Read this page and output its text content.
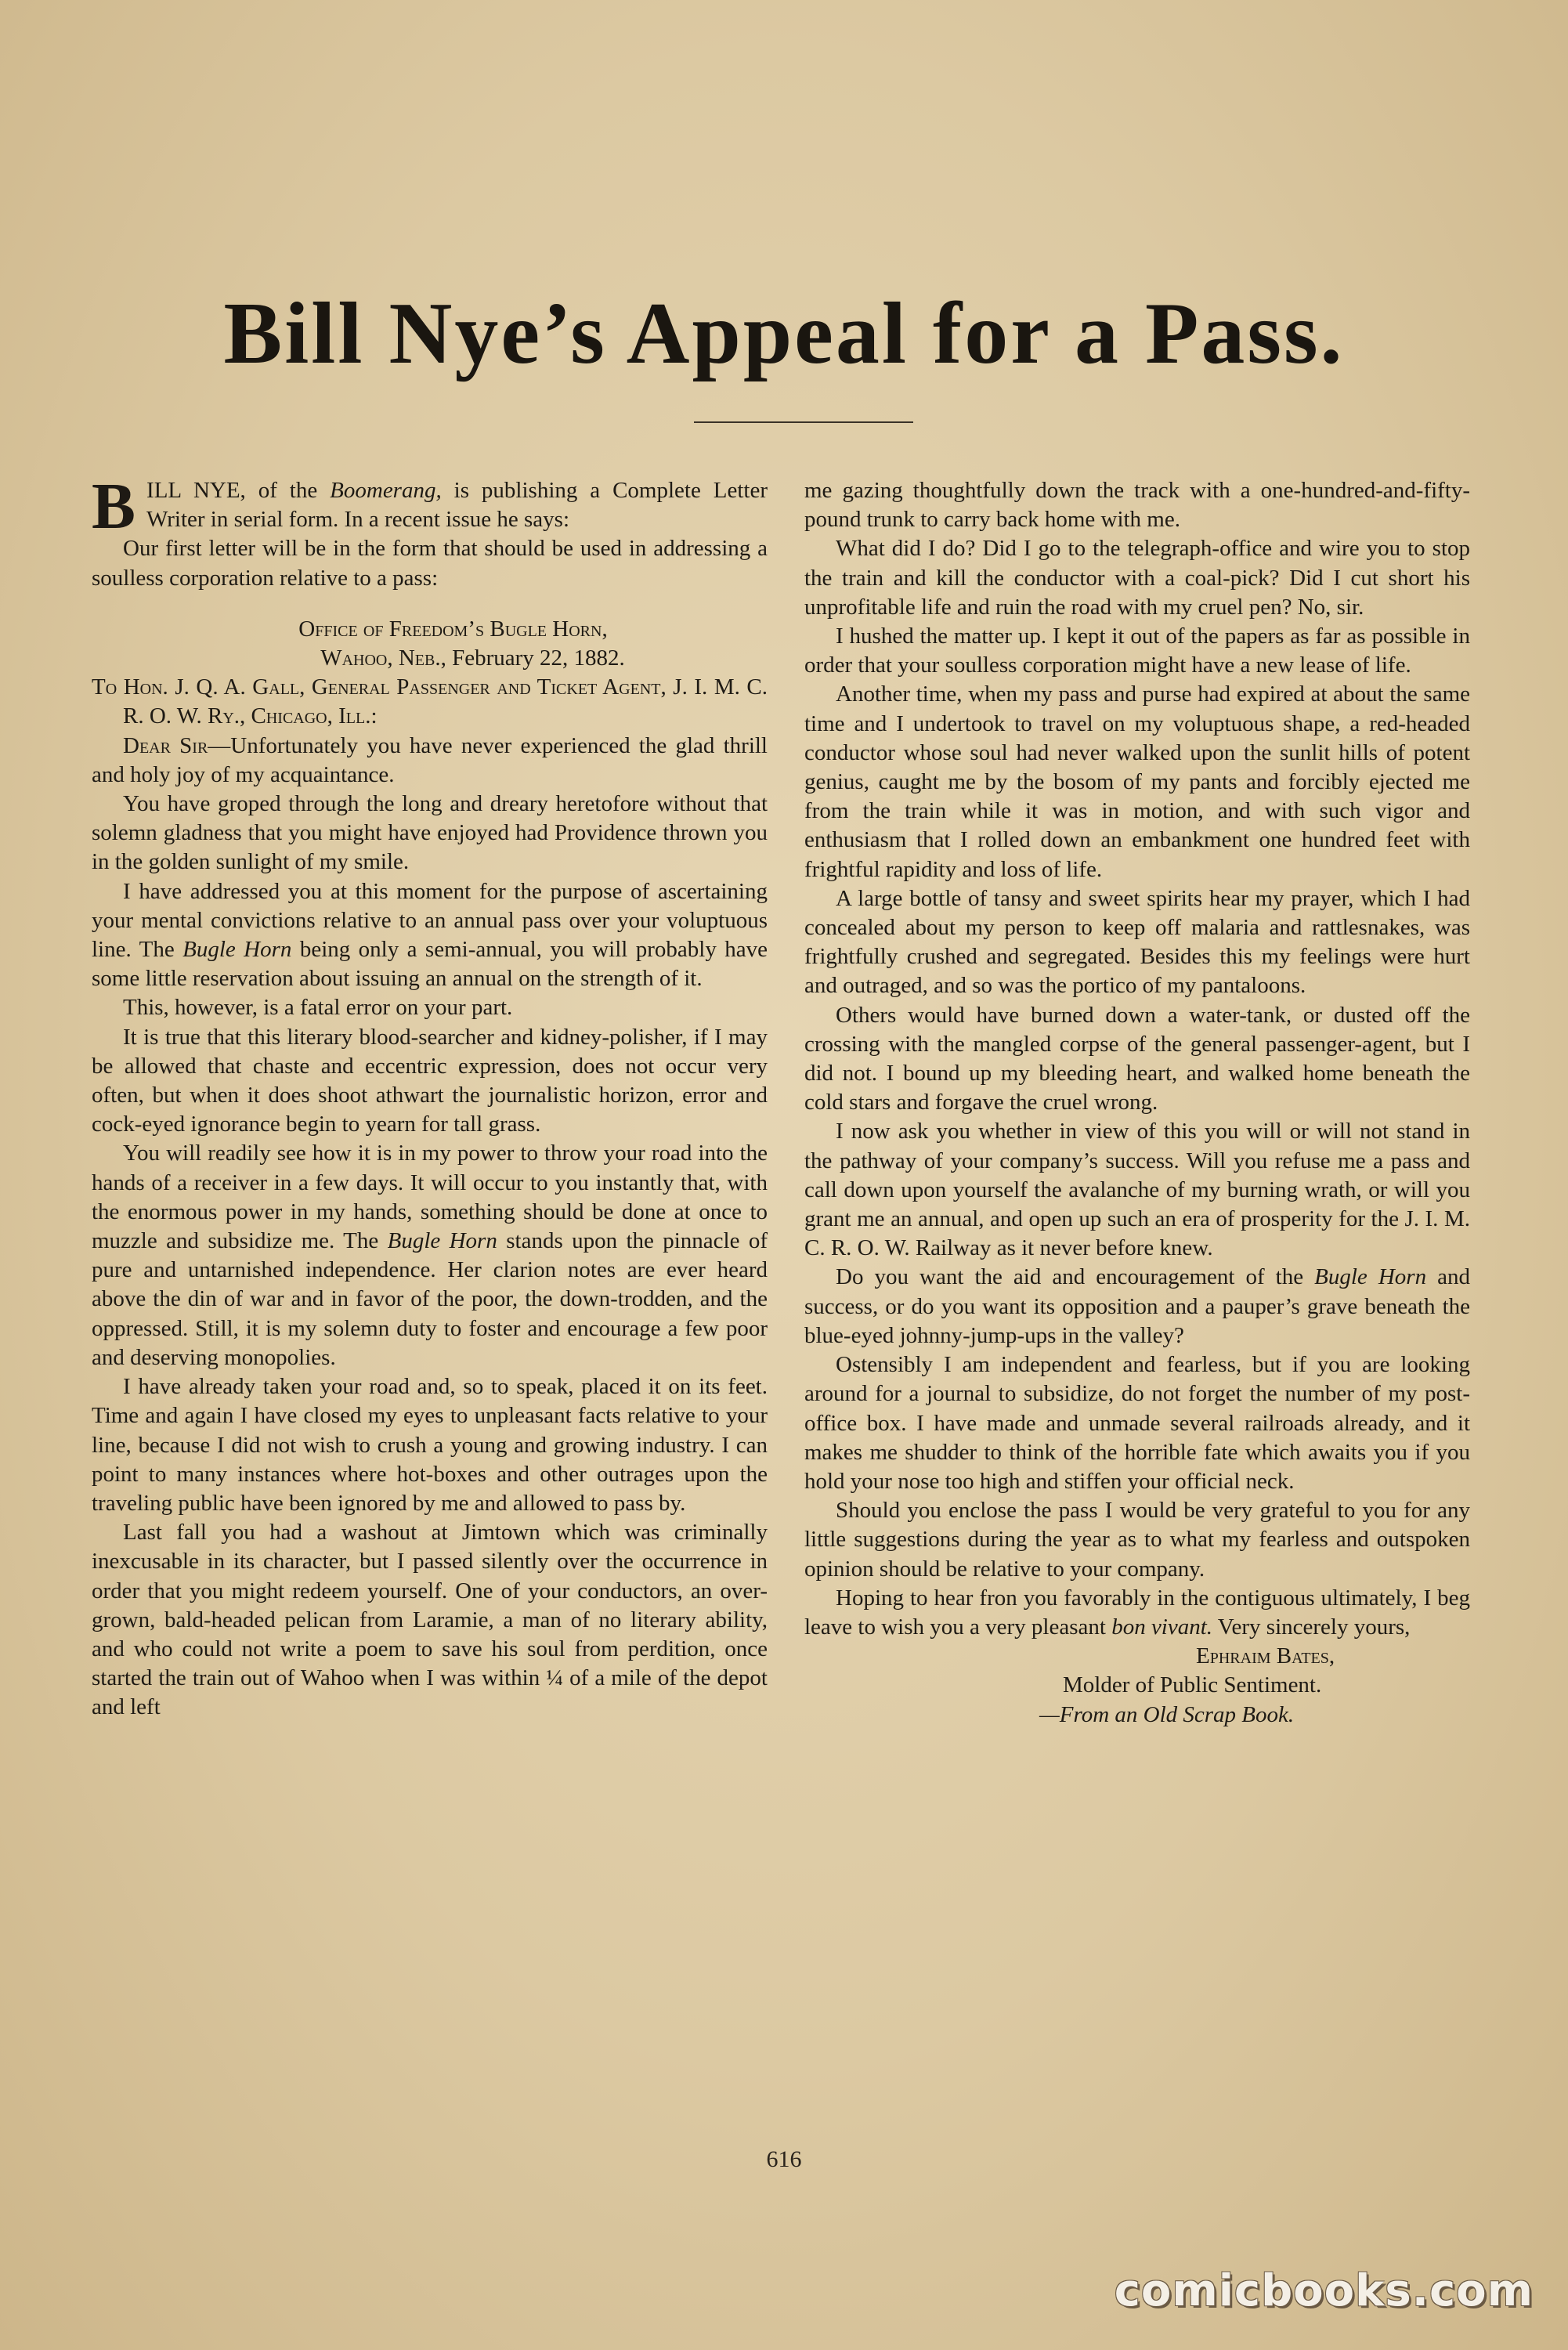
Bill Nye’s Appeal for a Pass.

BILL NYE, of the Boomerang, is publishing a Complete Letter Writer in serial form. In a recent issue he says:

Our first letter will be in the form that should be used in addressing a soulless corporation relative to a pass:

Office of Freedom’s Bugle Horn,

Wahoo, Neb., February 22, 1882.

To Hon. J. Q. A. Gall, General Passenger and Ticket Agent, J. I. M. C. R. O. W. Ry., Chicago, Ill.:

Dear Sir—Unfortunately you have never experienced the glad thrill and holy joy of my acquaintance.

You have groped through the long and dreary heretofore without that solemn gladness that you might have enjoyed had Providence thrown you in the golden sunlight of my smile.

I have addressed you at this moment for the purpose of ascertaining your mental convictions relative to an annual pass over your voluptuous line. The Bugle Horn being only a semi-annual, you will probably have some little reservation about issuing an annual on the strength of it.

This, however, is a fatal error on your part.

It is true that this literary blood-searcher and kidney-polisher, if I may be allowed that chaste and eccentric expression, does not occur very often, but when it does shoot athwart the journalistic horizon, error and cock-eyed ignorance begin to yearn for tall grass.

You will readily see how it is in my power to throw your road into the hands of a receiver in a few days. It will occur to you instantly that, with the enormous power in my hands, something should be done at once to muzzle and subsidize me. The Bugle Horn stands upon the pinnacle of pure and untarnished independence. Her clarion notes are ever heard above the din of war and in favor of the poor, the down-trodden, and the oppressed. Still, it is my solemn duty to foster and encourage a few poor and deserving monopolies.

I have already taken your road and, so to speak, placed it on its feet. Time and again I have closed my eyes to unpleasant facts relative to your line, because I did not wish to crush a young and growing industry. I can point to many instances where hot-boxes and other outrages upon the traveling public have been ignored by me and allowed to pass by.

Last fall you had a washout at Jimtown which was criminally inexcusable in its character, but I passed silently over the occurrence in order that you might redeem yourself. One of your conductors, an over-grown, bald-headed pelican from Laramie, a man of no literary ability, and who could not write a poem to save his soul from perdition, once started the train out of Wahoo when I was within ¼ of a mile of the depot and left

me gazing thoughtfully down the track with a one-hundred-and-fifty-pound trunk to carry back home with me.

What did I do? Did I go to the telegraph-office and wire you to stop the train and kill the conductor with a coal-pick? Did I cut short his unprofitable life and ruin the road with my cruel pen? No, sir.

I hushed the matter up. I kept it out of the papers as far as possible in order that your soulless corporation might have a new lease of life.

Another time, when my pass and purse had expired at about the same time and I undertook to travel on my voluptuous shape, a red-headed conductor whose soul had never walked upon the sunlit hills of potent genius, caught me by the bosom of my pants and forcibly ejected me from the train while it was in motion, and with such vigor and enthusiasm that I rolled down an embankment one hundred feet with frightful rapidity and loss of life.

A large bottle of tansy and sweet spirits hear my prayer, which I had concealed about my person to keep off malaria and rattlesnakes, was frightfully crushed and segregated. Besides this my feelings were hurt and outraged, and so was the portico of my pantaloons.

Others would have burned down a water-tank, or dusted off the crossing with the mangled corpse of the general passenger-agent, but I did not. I bound up my bleeding heart, and walked home beneath the cold stars and forgave the cruel wrong.

I now ask you whether in view of this you will or will not stand in the pathway of your company’s success. Will you refuse me a pass and call down upon yourself the avalanche of my burning wrath, or will you grant me an annual, and open up such an era of prosperity for the J. I. M. C. R. O. W. Railway as it never before knew.

Do you want the aid and encouragement of the Bugle Horn and success, or do you want its opposition and a pauper’s grave beneath the blue-eyed johnny-jump-ups in the valley?

Ostensibly I am independent and fearless, but if you are looking around for a journal to subsidize, do not forget the number of my post-office box. I have made and unmade several railroads already, and it makes me shudder to think of the horrible fate which awaits you if you hold your nose too high and stiffen your official neck.

Should you enclose the pass I would be very grateful to you for any little suggestions during the year as to what my fearless and outspoken opinion should be relative to your company.

Hoping to hear fron you favorably in the contiguous ultimately, I beg leave to wish you a very pleasant bon vivant. Very sincerely yours,

Ephraim Bates,

Molder of Public Sentiment.

—From an Old Scrap Book.

616
comicbooks.com
